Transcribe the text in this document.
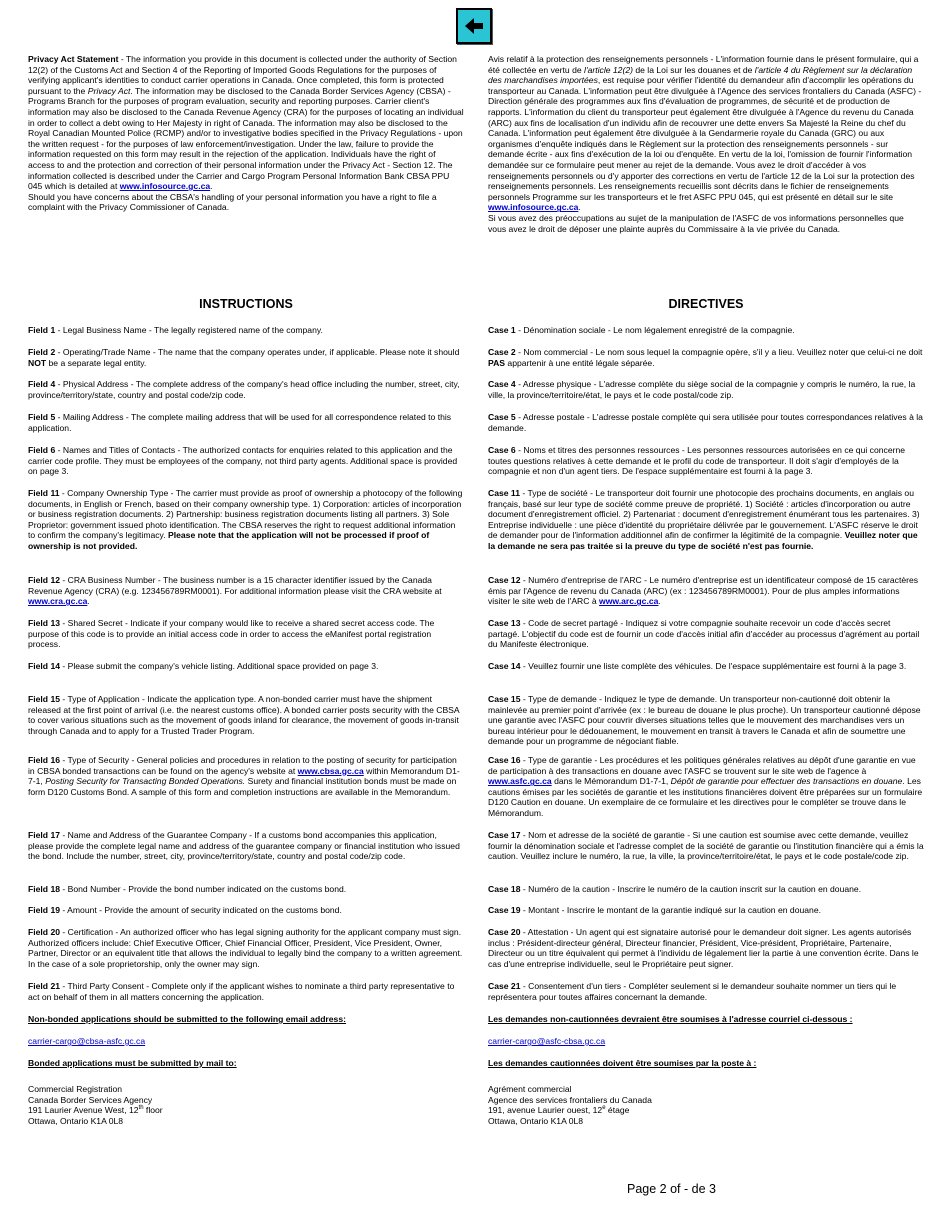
Privacy Act Statement - The information you provide in this document is collected under the authority of Section 12(2) of the Customs Act and Section 4 of the Reporting of Imported Goods Regulations for the purposes of verifying applicant's identities to conduct carrier operations in Canada. Once completed, this form is protected pursuant to the Privacy Act. The information may be disclosed to the Canada Border Services Agency (CBSA) - Programs Branch for the purposes of program evaluation, security and reporting purposes. Carrier client's information may also be disclosed to the Canada Revenue Agency (CRA) for the purposes of locating an individual in order to collect a debt owing to Her Majesty in right of Canada. The information may also be disclosed to the Royal Canadian Mounted Police (RCMP) and/or to investigative bodies specified in the Privacy Regulations - upon the written request - for the purposes of law enforcement/investigation. Under the law, failure to provide the information requested on this form may result in the rejection of the application. Individuals have the right of access to and the protection and correction of their personal information under the Privacy Act - Section 12. The information collected is described under the Carrier and Cargo Program Personal Information Bank CBSA PPU 045 which is detailed at www.infosource.gc.ca.

Should you have concerns about the CBSA's handling of your personal information you have a right to file a complaint with the Privacy Commissioner of Canada.

Avis relatif à la protection des renseignements personnels - L'information fournie dans le présent formulaire, qui a été collectée en vertu de l'article 12(2) de la Loi sur les douanes et de l'article 4 du Règlement sur la déclaration des marchandises importées, est requise pour vérifier l'identité du demandeur afin d'accomplir les opérations du transporteur au Canada. L'information peut être divulguée à l'Agence des services frontaliers du Canada (ASFC) - Direction générale des programmes aux fins d'évaluation de programmes, de sécurité et de production de rapports. L'information du client du transporteur peut également être divulguée à l'Agence du revenu du Canada (ARC) aux fins de localisation d'un individu afin de recouvrer une dette envers Sa Majesté la Reine du chef du Canada. L'information peut également être divulguée à la Gendarmerie royale du Canada (GRC) ou aux organismes d'enquête indiqués dans le Règlement sur la protection des renseignements personnels - sur demande écrite - aux fins d'exécution de la loi ou d'enquête. En vertu de la loi, l'omission de fournir l'information demandée sur ce formulaire peut mener au rejet de la demande. Vous avez le droit d'accéder à vos renseignements personnels ou d'y apporter des corrections en vertu de l'article 12 de la Loi sur la protection des renseignements personnels. Les renseignements recueillis sont décrits dans le fichier de renseignements personnels Programme sur les transporteurs et le fret ASFC PPU 045, qui est présenté en détail sur le site www.infosource.gc.ca.

Si vous avez des préoccupations au sujet de la manipulation de l'ASFC de vos informations personnelles que vous avez le droit de déposer une plainte auprès du Commissaire à la vie privée du Canada.

INSTRUCTIONS	DIRECTIVES

Field 1 - Legal Business Name - The legally registered name of the company.

Field 2 - Operating/Trade Name - The name that the company operates under, if applicable. Please note it should NOT be a separate legal entity.

Field 4 - Physical Address - The complete address of the company's head office including the number, street, city, province/territory/state, country and postal code/zip code.

Field 5 - Mailing Address - The complete mailing address that will be used for all correspondence related to this application.

Field 6 - Names and Titles of Contacts - The authorized contacts for enquiries related to this application and the carrier code profile. They must be employees of the company, not third party agents. Additional space is provided on page 3.

Field 11 - Company Ownership Type - The carrier must provide as proof of ownership a photocopy of the following documents, in English or French, based on their company ownership type. 1) Corporation: articles of incorporation or business registration documents. 2) Partnership: business registration documents listing all partners. 3) Sole Proprietor: government issued photo identification. The CBSA reserves the right to request additional information to confirm the company's legitimacy. Please note that the application will not be processed if proof of ownership is not provided.

Field 12 - CRA Business Number - The business number is a 15 character identifier issued by the Canada Revenue Agency (CRA) (e.g. 123456789RM0001). For additional information please visit the CRA website at www.cra.gc.ca.

Field 13 - Shared Secret - Indicate if your company would like to receive a shared secret access code. The purpose of this code is to provide an initial access code in order to access the eManifest portal registration process.

Field 14 - Please submit the company's vehicle listing. Additional space provided on page 3.

Field 15 - Type of Application - Indicate the application type. A non-bonded carrier must have the shipment released at the first point of arrival (i.e. the nearest customs office). A bonded carrier posts security with the CBSA to cover various situations such as the movement of goods inland for clearance, the movement of goods in-transit through Canada and to apply for a Trusted Trader Program.

Field 16 - Type of Security - General policies and procedures in relation to the posting of security for participation in CBSA bonded transactions can be found on the agency's website at www.cbsa.gc.ca within Memorandum D1-7-1, Posting Security for Transacting Bonded Operations. Surety and financial institution bonds must be made on form D120 Customs Bond. A sample of this form and completion instructions are available in the Memorandum.

Field 17 - Name and Address of the Guarantee Company - If a customs bond accompanies this application, please provide the complete legal name and address of the guarantee company or financial institution who issued the bond. Include the number, street, city, province/territory/state, country and postal code/zip code.

Field 18 - Bond Number - Provide the bond number indicated on the customs bond.

Field 19 - Amount - Provide the amount of security indicated on the customs bond.

Field 20 - Certification - An authorized officer who has legal signing authority for the applicant company must sign. Authorized officers include: Chief Executive Officer, Chief Financial Officer, President, Vice President, Owner, Partner, Director or an equivalent title that allows the individual to legally bind the company to a written agreement. In the case of a sole proprietorship, only the owner may sign.

Field 21 - Third Party Consent - Complete only if the applicant wishes to nominate a third party representative to act on behalf of them in all matters concerning the application.

Non-bonded applications should be submitted to the following email address:

carrier-cargo@cbsa-asfc.gc.ca

Bonded applications must be submitted by mail to:

Commercial Registration

Canada Border Services Agency

191 Laurier Avenue West, 12th floor

Ottawa, Ontario K1A 0L8

Case 1 - Dénomination sociale - Le nom légalement enregistré de la compagnie.

Case 2 - Nom commercial - Le nom sous lequel la compagnie opère, s'il y a lieu. Veuillez noter que celui-ci ne doit PAS appartenir à une entité légale séparée.

Case 4 - Adresse physique - L'adresse complète du siège social de la compagnie y compris le numéro, la rue, la ville, la province/territoire/état, le pays et le code postal/code zip.

Case 5 - Adresse postale - L'adresse postale complète qui sera utilisée pour toutes correspondances relatives à la demande.

Case 6 - Noms et titres des personnes ressources - Les personnes ressources autorisées en ce qui concerne toutes questions relatives à cette demande et le profil du code de transporteur. Il doit s'agir d'employés de la compagnie et non d'un agent tiers. De l'espace supplémentaire est fourni à la page 3.

Case 11 - Type de société - Le transporteur doit fournir une photocopie des prochains documents, en anglais ou français, basé sur leur type de société comme preuve de propriété. 1) Société : articles d'incorporation ou autre document d'enregistrement officiel. 2) Partenariat : document d'enregistrement énumérant tous les partenaires. 3) Entreprise individuelle : une pièce d'identité du propriétaire délivrée par le gouvernement. L'ASFC réserve le droit de demander pour de l'information additionnel afin de confirmer la légitimité de la compagnie. Veuillez noter que la demande ne sera pas traitée si la preuve du type de société n'est pas fournie.

Case 12 - Numéro d'entreprise de l'ARC - Le numéro d'entreprise est un identificateur composé de 15 caractères émis par l'Agence de revenu du Canada (ARC) (ex : 123456789RM0001). Pour de plus amples informations visiter le site web de l'ARC à www.arc.gc.ca.

Case 13 - Code de secret partagé - Indiquez si votre compagnie souhaite recevoir un code d'accès secret partagé. L'objectif du code est de fournir un code d'accès initial afin d'accéder au processus d'agrément au portail du Manifeste électronique.

Case 14 - Veuillez fournir une liste complète des véhicules. De l'espace supplémentaire est fourni à la page 3.

Case 15 - Type de demande - Indiquez le type de demande. Un transporteur non-cautionné doit obtenir la mainlevée au premier point d'arrivée (ex : le bureau de douane le plus proche). Un transporteur cautionné dépose une garantie avec l'ASFC pour couvrir diverses situations telles que le mouvement des marchandises vers un bureau intérieur pour le dédouanement, le mouvement en transit à travers le Canada et afin de soumettre une demande pour un programme de négociant fiable.

Case 16 - Type de garantie - Les procédures et les politiques générales relatives au dépôt d'une garantie en vue de participation à des transactions en douane avec l'ASFC se trouvent sur le site web de l'agence à www.asfc.gc.ca dans le Mémorandum D1-7-1, Dépôt de garantie pour effectuer des transactions en douane. Les cautions émises par les sociétés de garantie et les institutions financières doivent être préparées sur un formulaire D120 Caution en douane. Un exemplaire de ce formulaire et les directives pour le compléter se trouve dans le Mémorandum.

Case 17 - Nom et adresse de la société de garantie - Si une caution est soumise avec cette demande, veuillez fournir la dénomination sociale et l'adresse complet de la société de garantie ou l'institution financière qui a émis la caution. Veuillez inclure le numéro, la rue, la ville, la province/territoire/état, le pays et le code postale/code zip.

Case 18 - Numéro de la caution - Inscrire le numéro de la caution inscrit sur la caution en douane.

Case 19 - Montant - Inscrire le montant de la garantie indiqué sur la caution en douane.

Case 20 - Attestation - Un agent qui est signataire autorisé pour le demandeur doit signer. Les agents autorisés inclus : Président-directeur général, Directeur financier, Président, Vice-président, Propriétaire, Partenaire, Directeur ou un titre équivalent qui permet à l'individu de légalement lier la partie à une convention écrite. Dans le cas d'une entreprise individuelle, seul le Propriétaire peut signer.

Case 21 - Consentement d'un tiers - Compléter seulement si le demandeur souhaite nommer un tiers qui le représentera pour toutes affaires concernant la demande.

Les demandes non-cautionnées devraient être soumises à l'adresse courriel ci-dessous :

carrier-cargo@asfc-cbsa.gc.ca

Les demandes cautionnées doivent être soumises par la poste à :

Agrément commercial

Agence des services frontaliers du Canada

191, avenue Laurier ouest, 12e étage

Ottawa, Ontario K1A 0L8

Page 2 of - de 3
